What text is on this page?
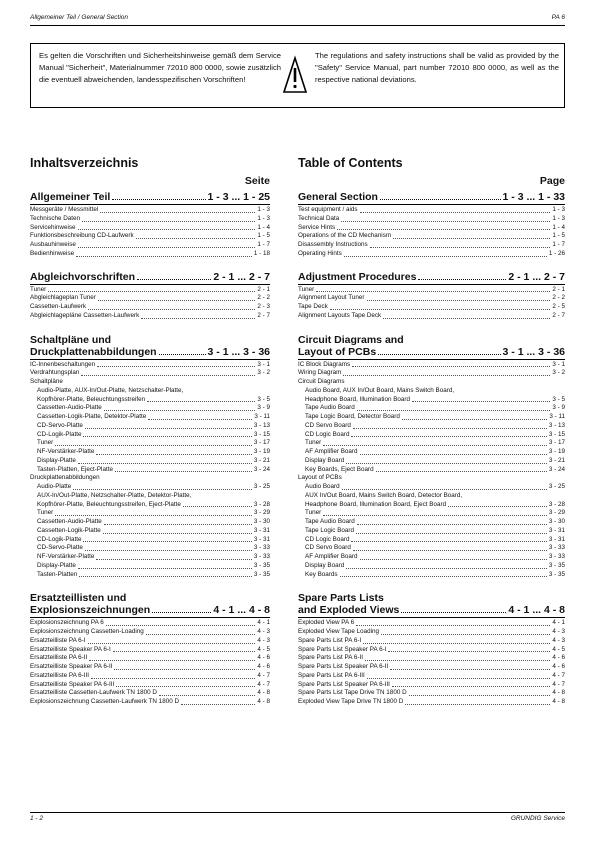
Allgemeiner Teil / General Section	PA 6
Es gelten die Vorschriften und Sicherheitshinweise gemäß dem Service Manual "Sicherheit", Materialnummer 72010 800 0000, sowie zusätzlich die eventuell abweichenden, landesspezifischen Vorschriften!
The regulations and safety instructions shall be valid as provided by the "Safety" Service Manual, part number 72010 800 0000, as well as the respective national deviations.
Inhaltsverzeichnis
Seite
Allgemeiner Teil	1 - 3 ... 1 - 25
Messgeräte / Messmittel	1 - 3
Technische Daten	1 - 3
Servicehinweise	1 - 4
Funktionsbeschreibung CD-Laufwerk	1 - 5
Ausbauhinweise	1 - 7
Bedienhinweise	1 - 18
Abgleichvorschriften	2 - 1 ... 2 - 7
Tuner	2 - 1
Abgleichlageplan Tuner	2 - 2
Cassetten-Laufwerk	2 - 3
Abgleichlagepläne Cassetten-Laufwerk	2 - 7
Schaltpläne und
Druckplattenabbildungen	3 - 1 ... 3 - 36
IC-Innenbeschaltungen	3 - 1
Verdrahtungsplan	3 - 2
Schaltpläne
Audio-Platte, AUX-In/Out-Platte, Netzschalter-Platte,
Kopfhörer-Platte, Beleuchtungsstreifen	3 - 5
Cassetten-Audio-Platte	3 - 9
Cassetten-Logik-Platte, Detektor-Platte	3 - 11
CD-Servo-Platte	3 - 13
CD-Logik-Platte	3 - 15
Tuner	3 - 17
NF-Verstärker-Platte	3 - 19
Display-Platte	3 - 21
Tasten-Platten, Eject-Platte	3 - 24
Druckplattenabbildungen
Audio-Platte	3 - 25
AUX-In/Out-Platte, Netzschalter-Platte, Detektor-Platte,
Kopfhörer-Platte, Beleuchtungsstreifen, Eject-Platte	3 - 28
Tuner	3 - 29
Cassetten-Audio-Platte	3 - 30
Cassetten-Logik-Platte	3 - 31
CD-Logik-Platte	3 - 31
CD-Servo-Platte	3 - 33
NF-Verstärker-Platte	3 - 33
Display-Platte	3 - 35
Tasten-Platten	3 - 35
Ersatzteillisten und
Explosionszeichnungen	4 - 1 ... 4 - 8
Explosionszeichnung PA 6	4 - 1
Explosionszeichnung Cassetten-Loading	4 - 3
Ersatzteilliste PA 6-I	4 - 3
Ersatzteilliste Speaker PA 6-I	4 - 5
Ersatzteilliste PA 6-II	4 - 6
Ersatzteilliste Speaker PA 6-II	4 - 6
Ersatzteilliste PA 6-III	4 - 7
Ersatzteilliste Speaker PA 6-III	4 - 7
Ersatzteilliste Cassetten-Laufwerk TN 1800 D	4 - 8
Explosionszeichnung Cassetten-Laufwerk TN 1800 D	4 - 8
Table of Contents
Page
General Section	1 - 3 ... 1 - 33
Test equipment / aids	1 - 3
Technical Data	1 - 3
Service Hints	1 - 4
Operations of the CD Mechanism	1 - 5
Disassembly Instructions	1 - 7
Operating Hints	1 - 26
Adjustment Procedures	2 - 1 ... 2 - 7
Tuner	2 - 1
Alignment Layout Tuner	2 - 2
Tape Deck	2 - 5
Alignment Layouts Tape Deck	2 - 7
Circuit Diagrams and
Layout of PCBs	3 - 1 ... 3 - 36
IC Block Diagrams	3 - 1
Wiring Diagram	3 - 2
Circuit Diagrams
Audio Board, AUX In/Out Board, Mains Switch Board,
Headphone Board, Illumination Board	3 - 5
Tape Audio Board	3 - 9
Tape Logic Board, Detector Board	3 - 11
CD Servo Board	3 - 13
CD Logic Board	3 - 15
Tuner	3 - 17
AF Amplifier Board	3 - 19
Display Board	3 - 21
Key Boards, Eject Board	3 - 24
Layout of PCBs
Audio Board	3 - 25
AUX In/Out Board, Mains Switch Board, Detector Board,
Headphone Board, Illumination Board, Eject Board	3 - 28
Tuner	3 - 29
Tape Audio Board	3 - 30
Tape Logic Board	3 - 31
CD Logic Board	3 - 31
CD Servo Board	3 - 33
AF Amplifier Board	3 - 33
Display Board	3 - 35
Key Boards	3 - 35
Spare Parts Lists
and Exploded Views	4 - 1 ... 4 - 8
Exploded View PA 6	4 - 1
Exploded View Tape Loading	4 - 3
Spare Parts List PA 6-I	4 - 3
Spare Parts List Speaker PA 6-I	4 - 5
Spare Parts List PA 6-II	4 - 6
Spare Parts List Speaker PA 6-II	4 - 6
Spare Parts List PA 6-III	4 - 7
Spare Parts List Speaker PA 6-III	4 - 7
Spare Parts List Tape Drive TN 1800 D	4 - 8
Exploded View Tape Drive TN 1800 D	4 - 8
1 - 2	GRUNDIG Service
